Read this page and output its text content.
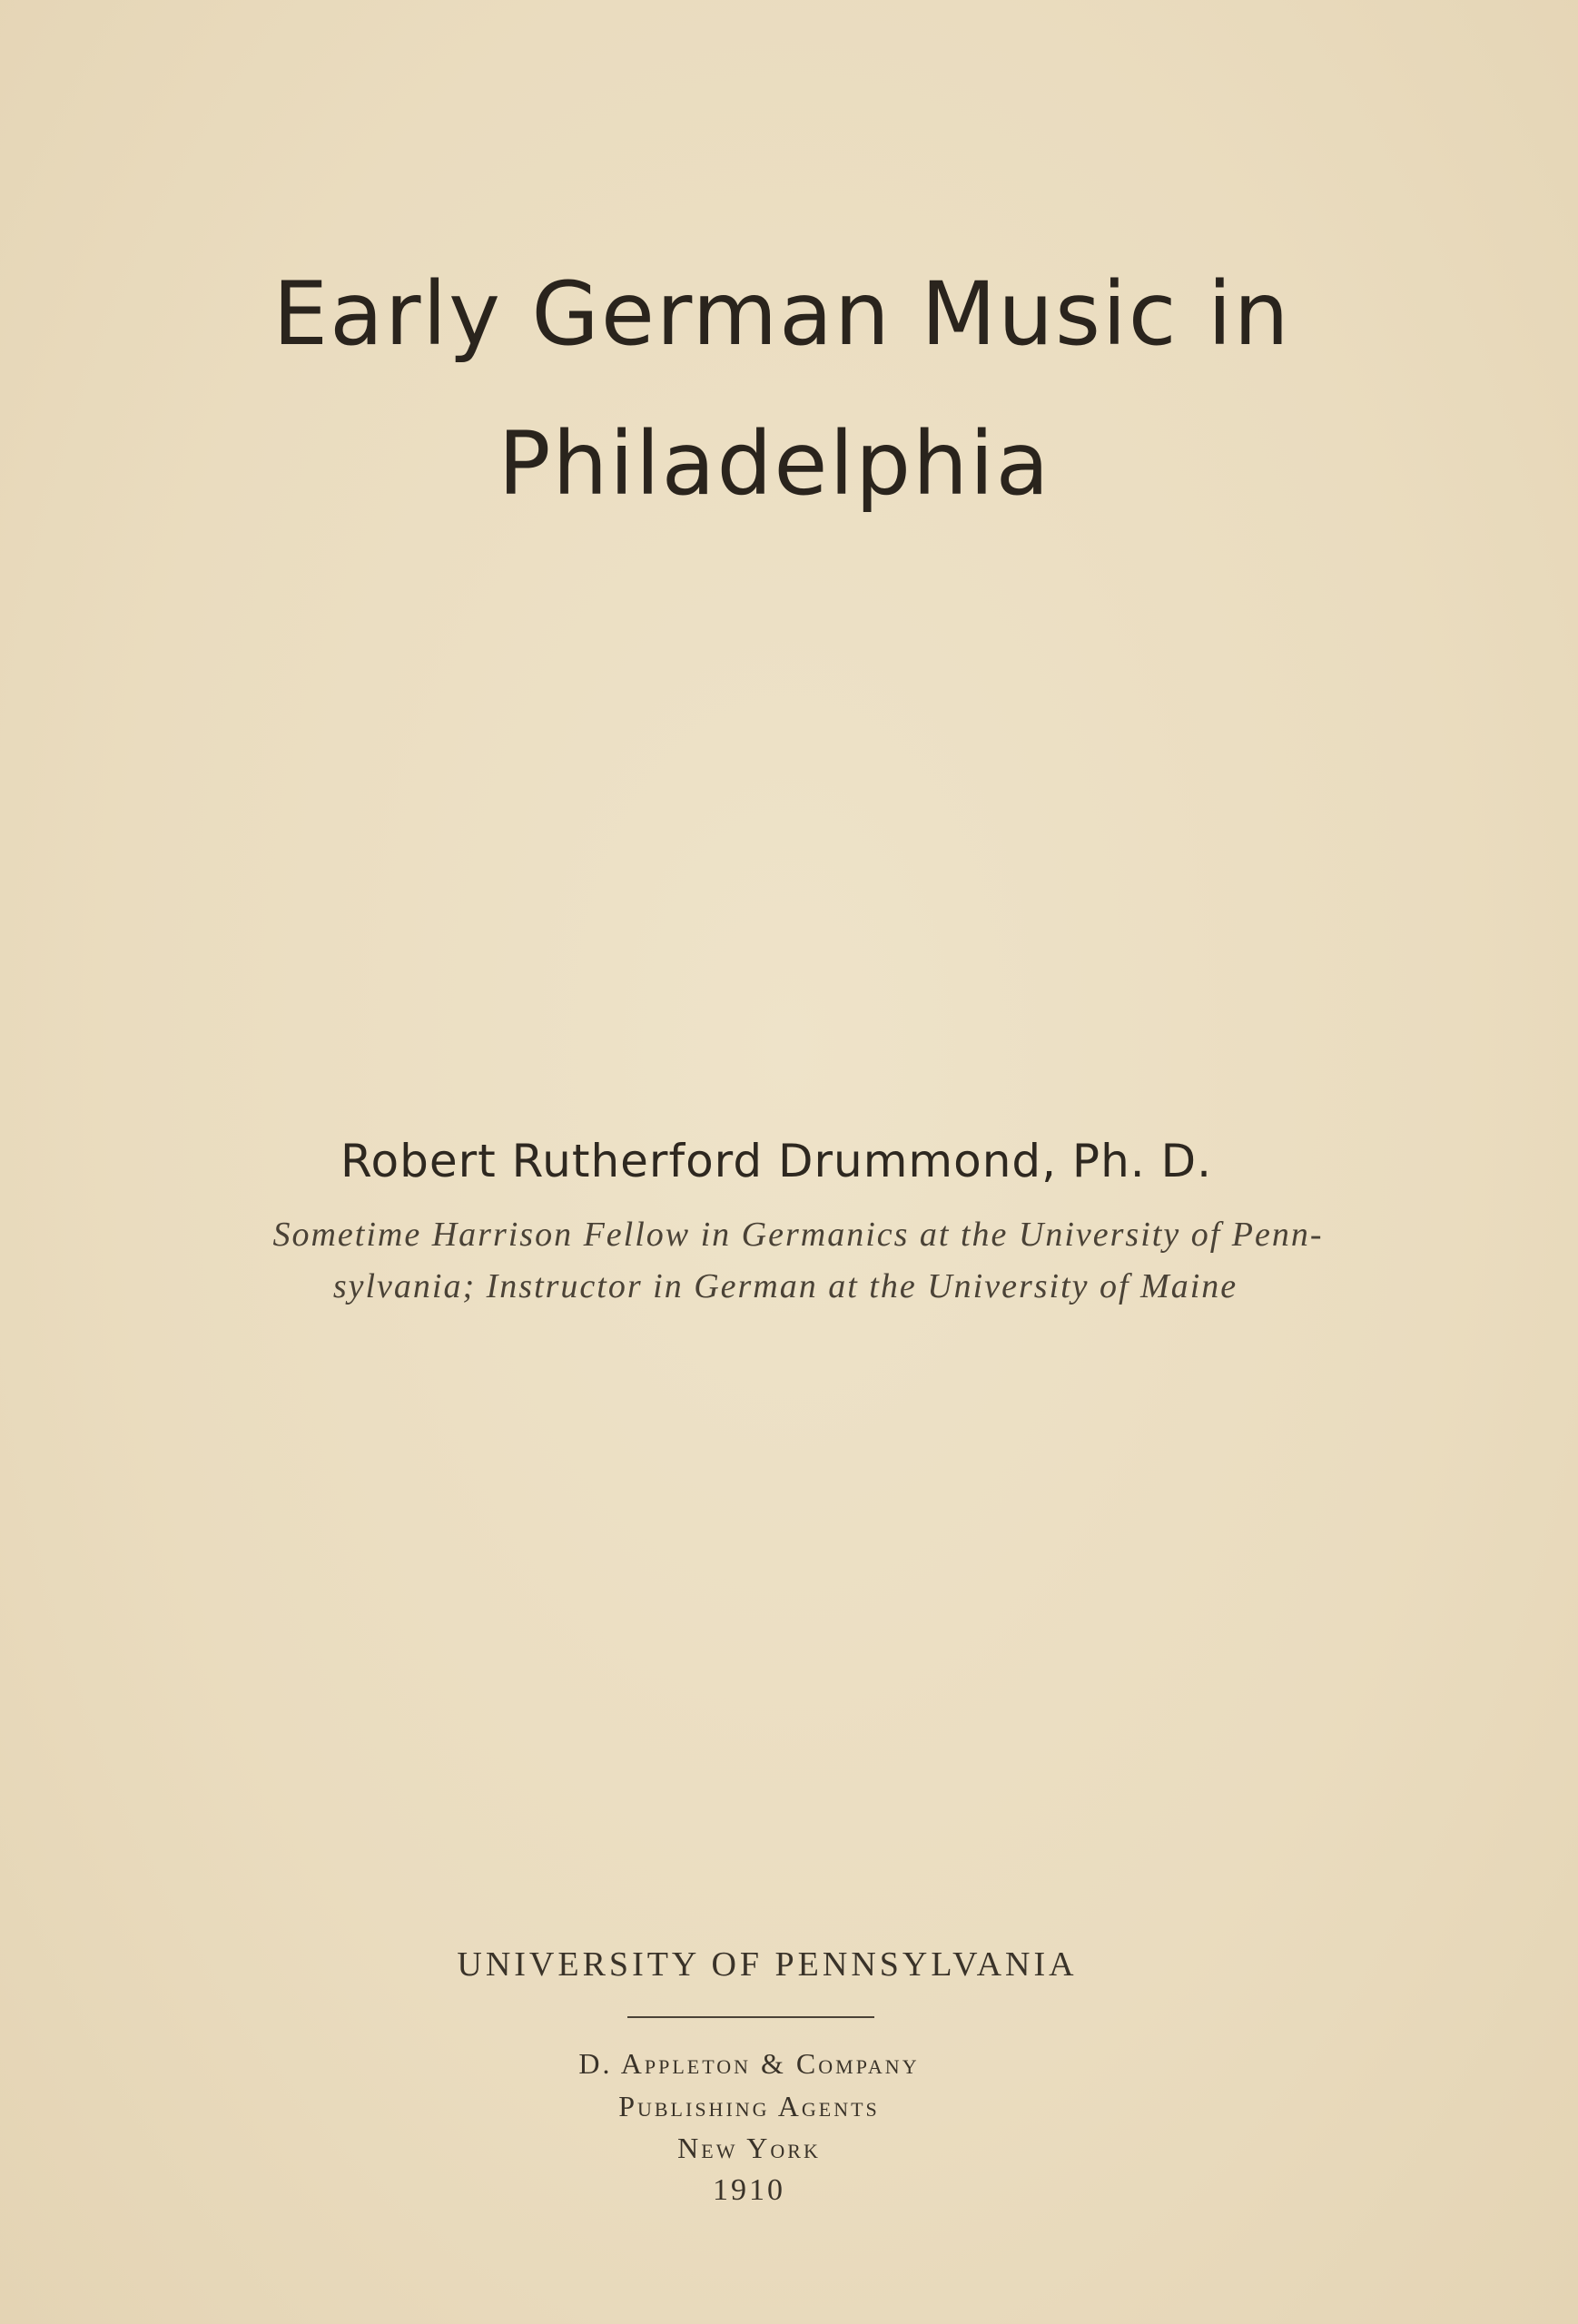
Early German Music in
Philadelphia
Robert Rutherford Drummond, Ph. D.
Sometime Harrison Fellow in Germanics at the University of Penn-
sylvania; Instructor in German at the University of Maine
UNIVERSITY OF PENNSYLVANIA
D. Appleton & Company
Publishing Agents
New York
1910
